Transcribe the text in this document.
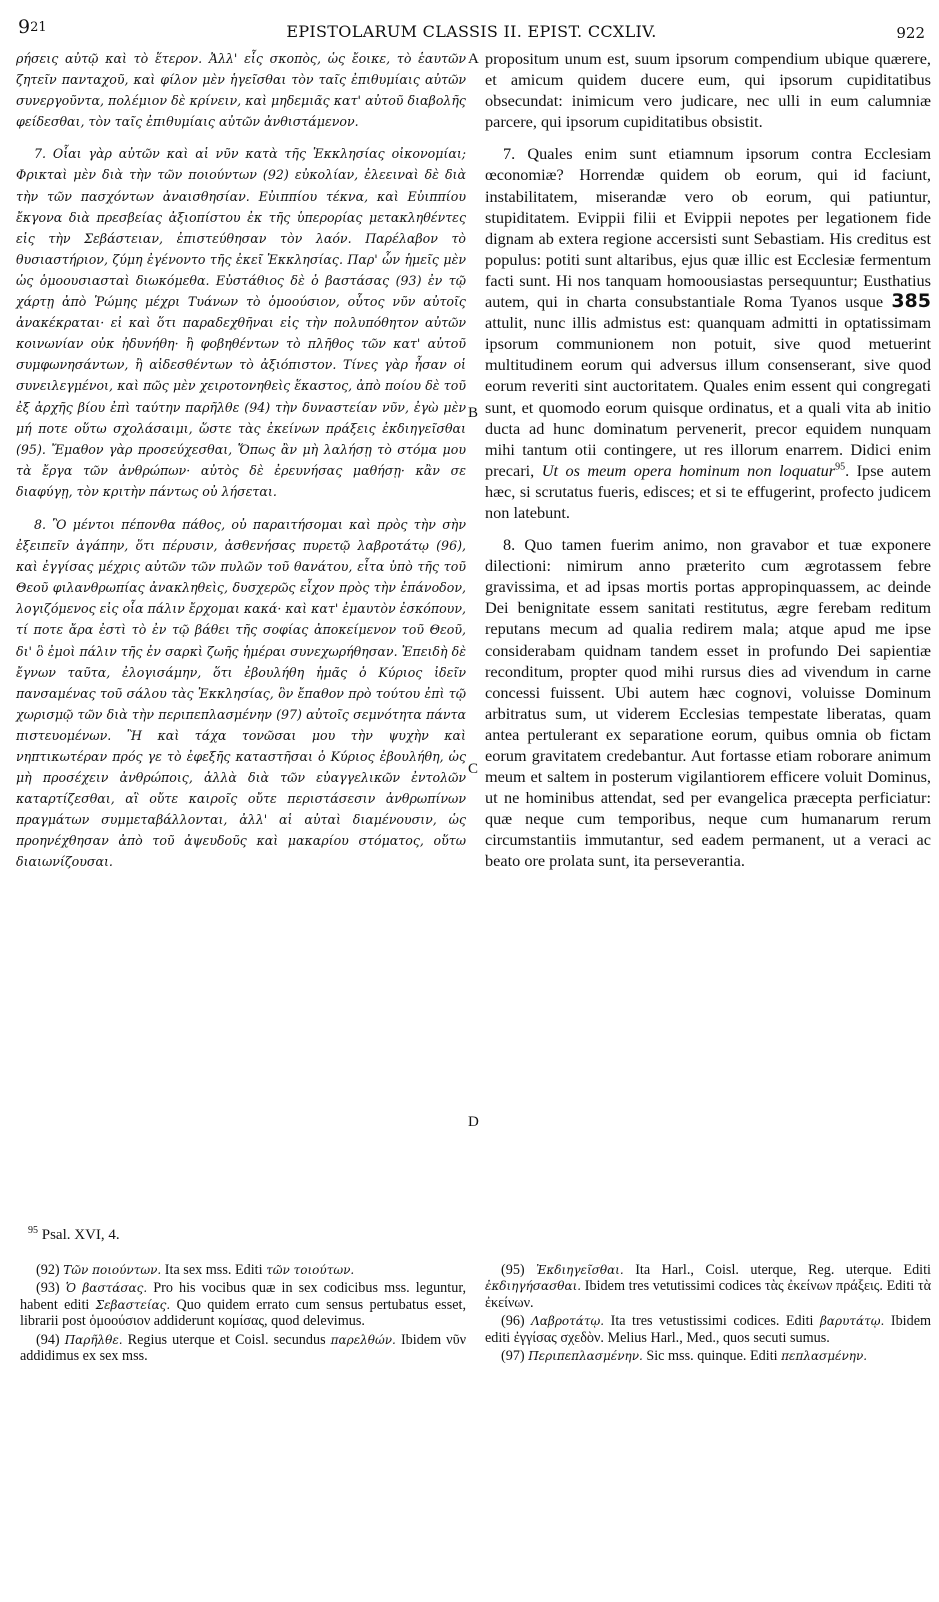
$9^{21}$	EPISTOLARUM CLASSIS II. EPIST. CCXLIV.	922

ρήσεις αὐτῷ καὶ τὸ ἕτερον. Ἀλλ' εἷς σκοπὸς, ὡς ἔοικε, τὸ ἑαυτῶν ζητεῖν πανταχοῦ, καὶ φίλον μὲν ἡγεῖσθαι τὸν ταῖς ἐπιθυμίαις αὐτῶν συνεργοῦντα, πολέμιον δὲ κρίνειν, καὶ μηδεμιᾶς κατ' αὐτοῦ διαβολῆς φείδεσθαι, τὸν ταῖς ἐπιθυμίαις αὐτῶν ἀνθιστάμενον.

7. Οἷαι γὰρ αὐτῶν καὶ αἱ νῦν κατὰ τῆς Ἐκκλησίας οἰκονομίαι; Φρικταὶ μὲν διὰ τὴν τῶν ποιούντων (92) εὐκολίαν, ἐλεειναὶ δὲ διὰ τὴν τῶν πασχόντων ἀναισθησίαν. Εὐιππίου τέκνα, καὶ Εὐιππίου ἔκγονα διὰ πρεσβείας ἀξιοπίστου ἐκ τῆς ὑπερορίας μετακληθέντες εἰς τὴν Σεβάστειαν, ἐπιστεύθησαν τὸν λαόν. Παρέλαβον τὸ θυσιαστήριον, ζύμη ἐγένοντο τῆς ἐκεῖ Ἐκκλησίας. Παρ' ὧν ἡμεῖς μὲν ὡς ὁμοουσιασταὶ διωκόμεθα. Εὐστάθιος δὲ ὁ βαστάσας (93) ἐν τῷ χάρτῃ ἀπὸ Ῥώμης μέχρι Τυάνων τὸ ὁμοούσιον, οὗτος νῦν αὐτοῖς ἀνακέκραται· εἰ καὶ ὅτι παραδεχθῆναι εἰς τὴν πολυπόθητον αὐτῶν κοινωνίαν οὐκ ἠδυνήθη· ἢ φοβηθέντων τὸ πλῆθος τῶν κατ' αὐτοῦ συμφωνησάντων, ἢ αἰδεσθέντων τὸ ἀξιόπιστον. Τίνες γὰρ ἦσαν οἱ συνειλεγμένοι, καὶ πῶς μὲν χειροτονηθεὶς ἕκαστος, ἀπὸ ποίου δὲ τοῦ ἐξ ἀρχῆς βίου ἐπὶ ταύτην παρῆλθε (94) τὴν δυναστείαν νῦν, ἐγὼ μὲν μή ποτε οὕτω σχολάσαιμι, ὥστε τὰς ἐκείνων πράξεις ἐκδιηγεῖσθαι (95). Ἔμαθον γὰρ προσεύχεσθαι, Ὅπως ἂν μὴ λαλήσῃ τὸ στόμα μου τὰ ἔργα τῶν ἀνθρώπων· αὐτὸς δὲ ἐρευνήσας μαθήσῃ· κἂν σε διαφύγῃ, τὸν κριτὴν πάντως οὐ λήσεται.

8. Ὃ μέντοι πέπονθα πάθος, οὐ παραιτήσομαι καὶ πρὸς τὴν σὴν ἐξειπεῖν ἀγάπην, ὅτι πέρυσιν, ἀσθενήσας πυρετῷ λαβροτάτῳ (96), καὶ ἐγγίσας μέχρις αὐτῶν τῶν πυλῶν τοῦ θανάτου, εἶτα ὑπὸ τῆς τοῦ Θεοῦ φιλανθρωπίας ἀνακληθεὶς, δυσχερῶς εἶχον πρὸς τὴν ἐπάνοδον, λογιζόμενος εἰς οἷα πάλιν ἔρχομαι κακά· καὶ κατ' ἐμαυτὸν ἐσκόπουν, τί ποτε ἄρα ἐστὶ τὸ ἐν τῷ βάθει τῆς σοφίας ἀποκείμενον τοῦ Θεοῦ, δι' ὃ ἐμοὶ πάλιν τῆς ἐν σαρκὶ ζωῆς ἡμέραι συνεχωρήθησαν. Ἐπειδὴ δὲ ἔγνων ταῦτα, ἐλογισάμην, ὅτι ἐβουλήθη ἡμᾶς ὁ Κύριος ἰδεῖν πανσαμένας τοῦ σάλου τὰς Ἐκκλησίας, ὃν ἔπαθον πρὸ τούτου ἐπὶ τῷ χωρισμῷ τῶν διὰ τὴν περιπεπλασμένην (97) αὐτοῖς σεμνότητα πάντα πιστευομένων. Ἢ καὶ τάχα τονῶσαι μου τὴν ψυχὴν καὶ νηπτικωτέραν πρός γε τὸ ἐφεξῆς καταστῆσαι ὁ Κύριος ἐβουλήθη, ὡς μὴ προσέχειν ἀνθρώποις, ἀλλὰ διὰ τῶν εὐαγγελικῶν ἐντολῶν καταρτίζεσθαι, αἳ οὔτε καιροῖς οὔτε περιστάσεσιν ἀνθρωπίνων πραγμάτων συμμεταβάλλονται, ἀλλ' αἱ αὐταὶ διαμένουσιν, ὡς προηνέχθησαν ἀπὸ τοῦ ἀψευδοῦς καὶ μακαρίου στόματος, οὕτω διαιωνίζουσαι.

A
B
C
D

propositum unum est, suum ipsorum compendium ubique quærere, et amicum quidem ducere eum, qui ipsorum cupiditatibus obsecundat: inimicum vero judicare, nec ulli in eum calumniæ parcere, qui ipsorum cupiditatibus obsistit.

7. Quales enim sunt etiamnum ipsorum contra Ecclesiam œconomiæ? Horrendæ quidem ob eorum, qui id faciunt, instabilitatem, miserandæ vero ob eorum, qui patiuntur, stupiditatem. Evippii filii et Evippii nepotes per legationem fide dignam ab extera regione accersisti sunt Sebastiam. His creditus est populus: potiti sunt altaribus, ejus quæ illic est Ecclesiæ fermentum facti sunt. Hi nos tanquam homoousiastas persequuntur; Eusthatius autem, qui in charta consubstantiale Roma Tyanos usque 385 attulit, nunc illis admistus est: quanquam admitti in optatissimam ipsorum communionem non potuit, sive quod metuerint multitudinem eorum qui adversus illum consenserant, sive quod eorum reveriti sint auctoritatem. Quales enim essent qui congregati sunt, et quomodo eorum quisque ordinatus, et a quali vita ab initio ducta ad hunc dominatum pervenerit, precor equidem nunquam mihi tantum otii contingere, ut res illorum enarrem. Didici enim precari, Ut os meum opera hominum non loquatur$^{95}$. Ipse autem hæc, si scrutatus fueris, edisces; et si te effugerint, profecto judicem non latebunt.

8. Quo tamen fuerim animo, non gravabor et tuæ exponere dilectioni: nimirum anno præterito cum ægrotassem febre gravissima, et ad ipsas mortis portas appropinquassem, ac deinde Dei benignitate essem sanitati restitutus, ægre ferebam reditum reputans mecum ad qualia redirem mala; atque apud me ipse considerabam quidnam tandem esset in profundo Dei sapientiæ reconditum, propter quod mihi rursus dies ad vivendum in carne concessi fuissent. Ubi autem hæc cognovi, voluisse Dominum arbitratus sum, ut viderem Ecclesias tempestate liberatas, quam antea pertulerant ex separatione eorum, quibus omnia ob fictam eorum gravitatem credebantur. Aut fortasse etiam roborare animum meum et saltem in posterum vigilantiorem efficere voluit Dominus, ut ne hominibus attendat, sed per evangelica præcepta perficiatur: quæ neque cum temporibus, neque cum humanarum rerum circumstantiis immutantur, sed eadem permanent, ut a veraci ac beato ore prolata sunt, ita perseverantia.

$^{95}$ Psal. XVI, 4.

(92) Τῶν ποιούντων. Ita sex mss. Editi τῶν τοιούτων.

(93) Ὁ βαστάσας. Pro his vocibus quæ in sex codicibus mss. leguntur, habent editi Σεβαστείας. Quo quidem errato cum sensus pertubatus esset, librarii post ὁμοούσιον addiderunt κομίσας, quod delevimus.

(94) Παρῆλθε. Regius uterque et Coisl. secundus παρελθών. Ibidem νῦν addidimus ex sex mss.

(95) Ἐκδιηγεῖσθαι. Ita Harl., Coisl. uterque, Reg. uterque. Editi ἐκδιηγήσασθαι. Ibidem tres vetutissimi codices τὰς ἐκείνων πράξεις. Editi τὰ ἐκείνων.

(96) Λαβροτάτῳ. Ita tres vetustissimi codices. Editi βαρυτάτῳ. Ibidem editi ἐγγίσας σχεδὸν. Melius Harl., Med., quos secuti sumus.

(97) Περιπεπλασμένην. Sic mss. quinque. Editi πεπλασμένην.
